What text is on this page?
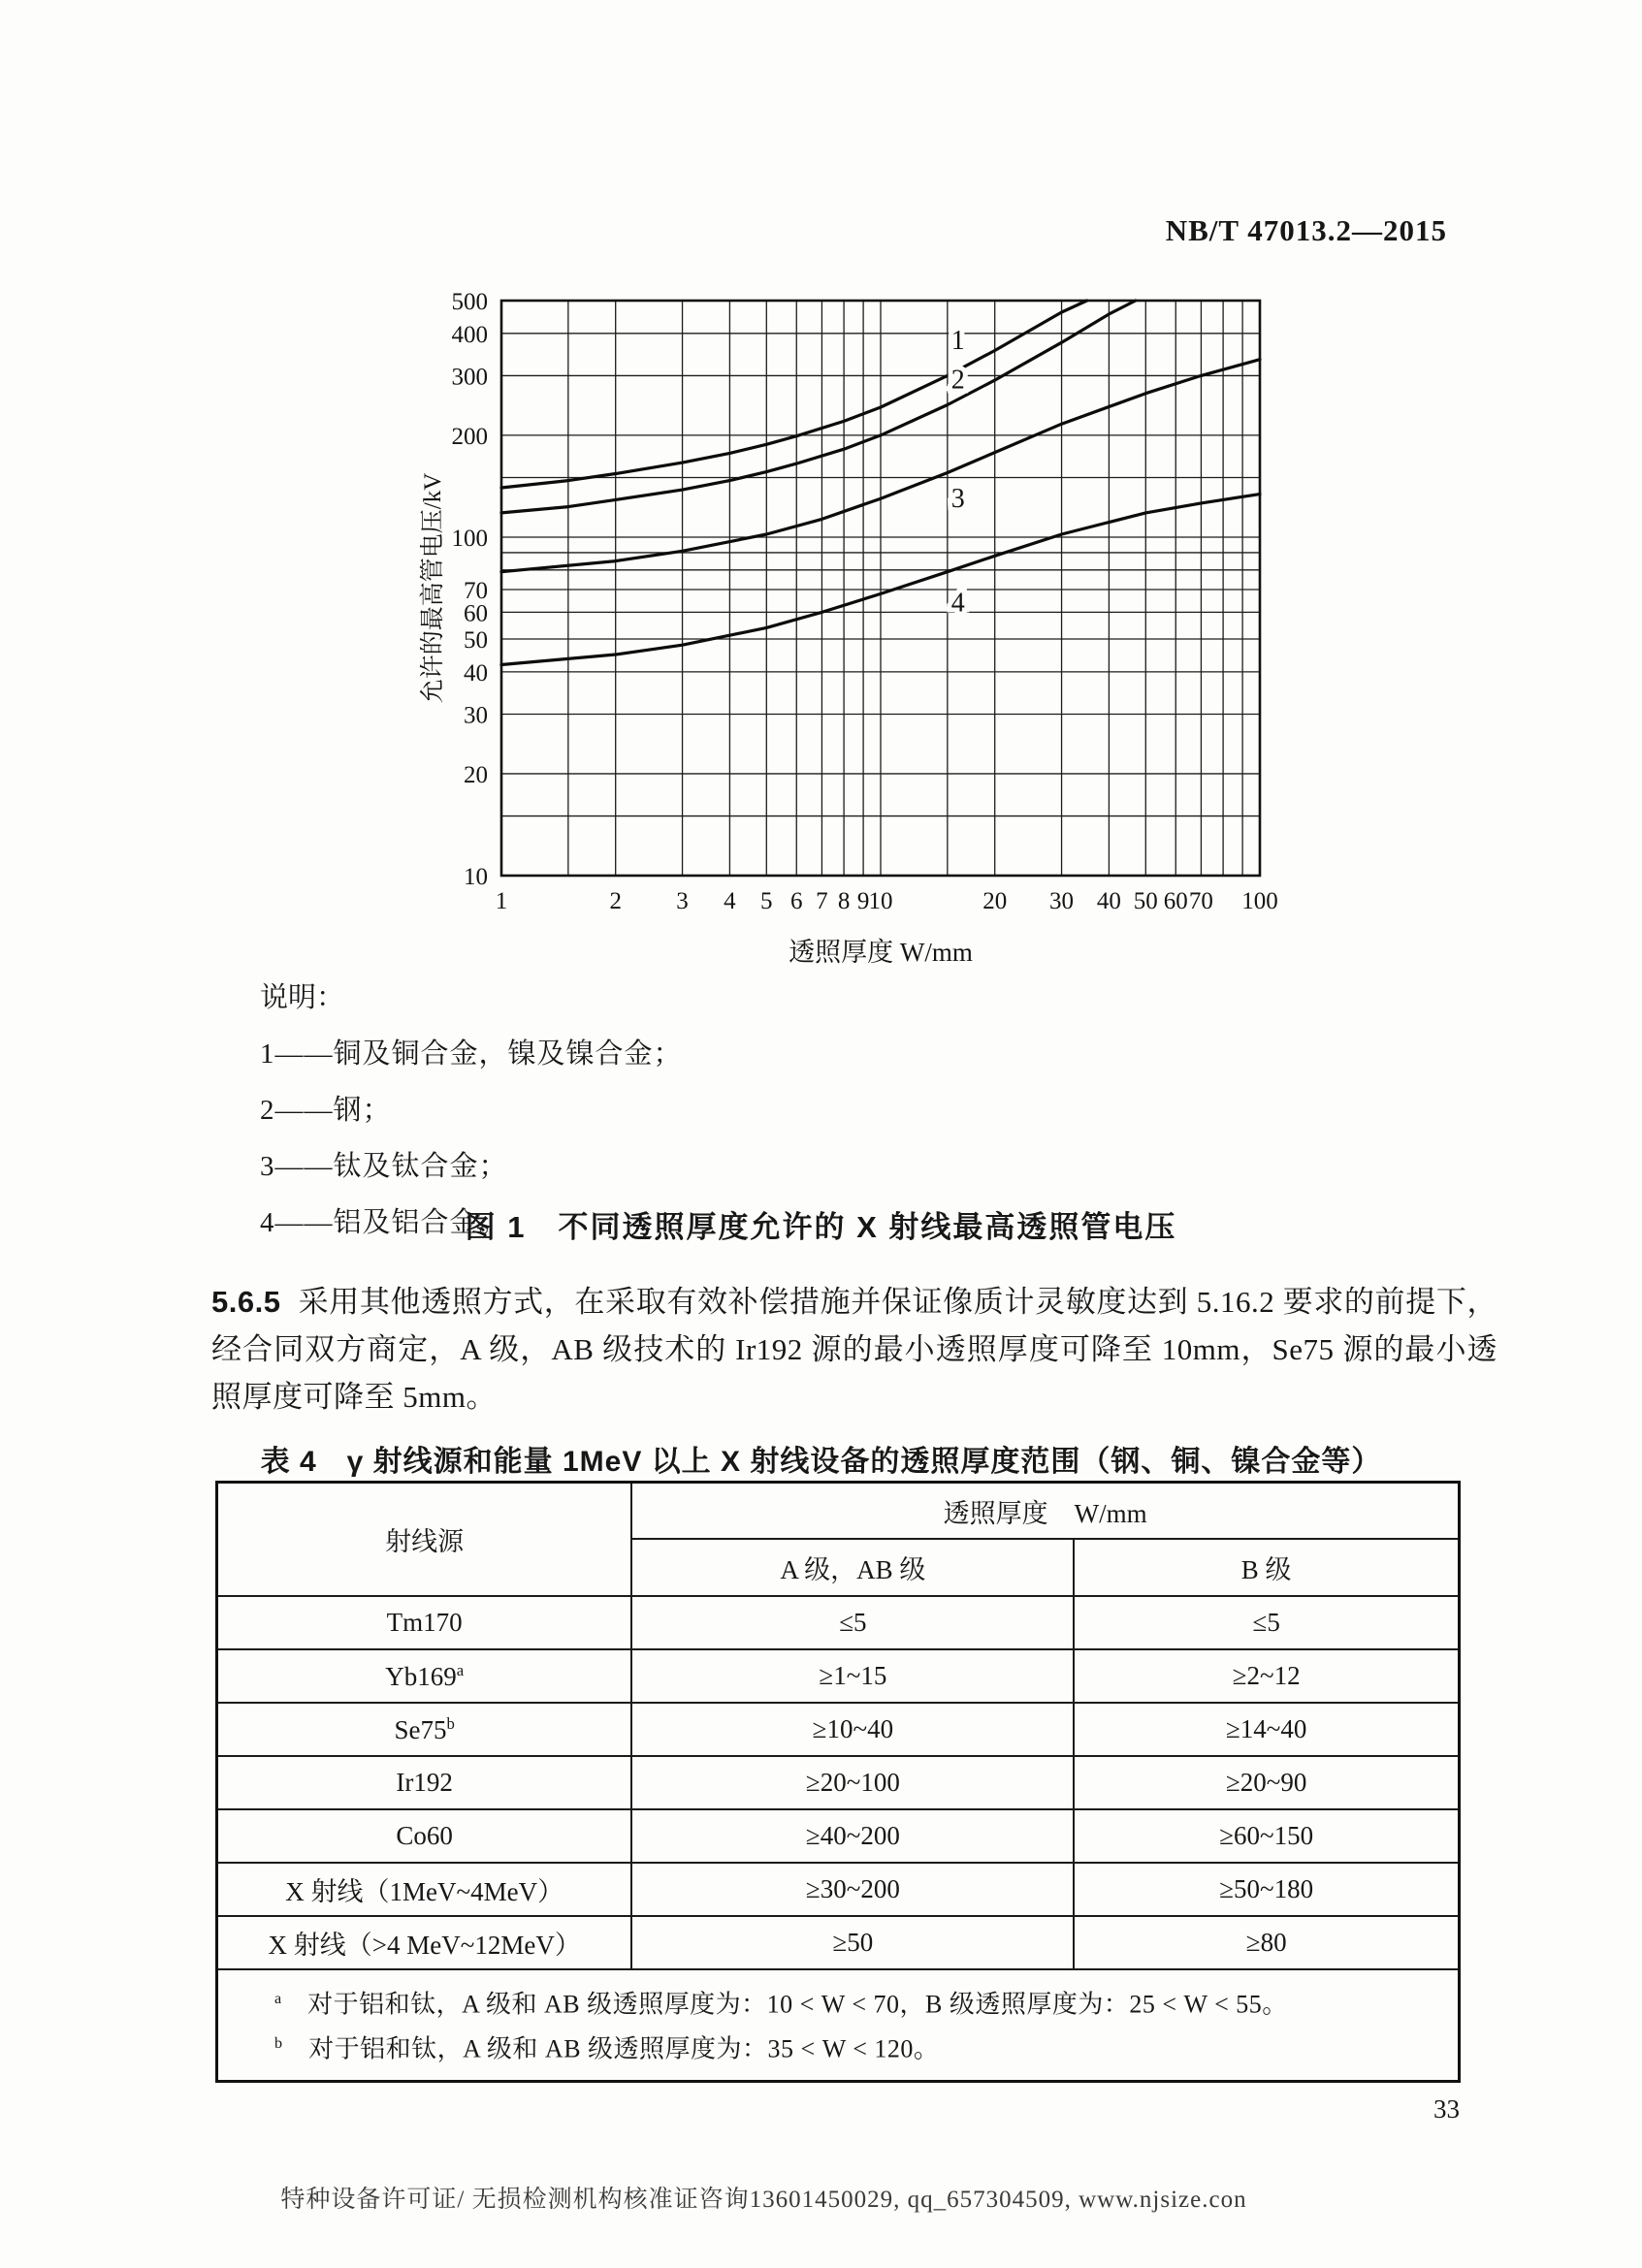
NB/T 47013.2—2015
1
2
3
4
10
20
30
40
50
60
70
100
200
300
400
500
1	2 3 4 5 6 7 8 9 10	20 30 40 50 60 70 100
允许的最高管电压/kV
透照厚度 W/mm
说明：
1——铜及铜合金，镍及镍合金；
2——钢；
3——钛及钛合金；
4——铝及铝合金。
图 1　不同透照厚度允许的 X 射线最高透照管电压
5.6.5 采用其他透照方式，在采取有效补偿措施并保证像质计灵敏度达到 5.16.2 要求的前提下，经合同双方商定，A 级，AB 级技术的 Ir192 源的最小透照厚度可降至 10mm，Se75 源的最小透照厚度可降至 5mm。
表 4　γ 射线源和能量 1MeV 以上 X 射线设备的透照厚度范围（钢、铜、镍合金等）
射线源	透照厚度　W/mm	
	A 级，AB 级	B 级
Tm170	≤5	≤5
$Yb169^a$	≥1~15	≥2~12
$Se75^b$	≥10~40	≥14~40
Ir192	≥20~100	≥20~90
Co60	≥40~200	≥60~150
X 射线（1MeV~4MeV）	≥30~200	≥50~180
X 射线（>4 MeV~12MeV）	≥50	≥80

$^a$　 对于铝和钛，A 级和 AB 级透照厚度为：10 < W < 70，B 级透照厚度为：25 < W < 55。
$^b$　 对于铝和钛，A 级和 AB 级透照厚度为：35 < W < 120。		
33
特种设备许可证/ 无损检测机构核准证咨询13601450029, qq_657304509, www.njsize.con
